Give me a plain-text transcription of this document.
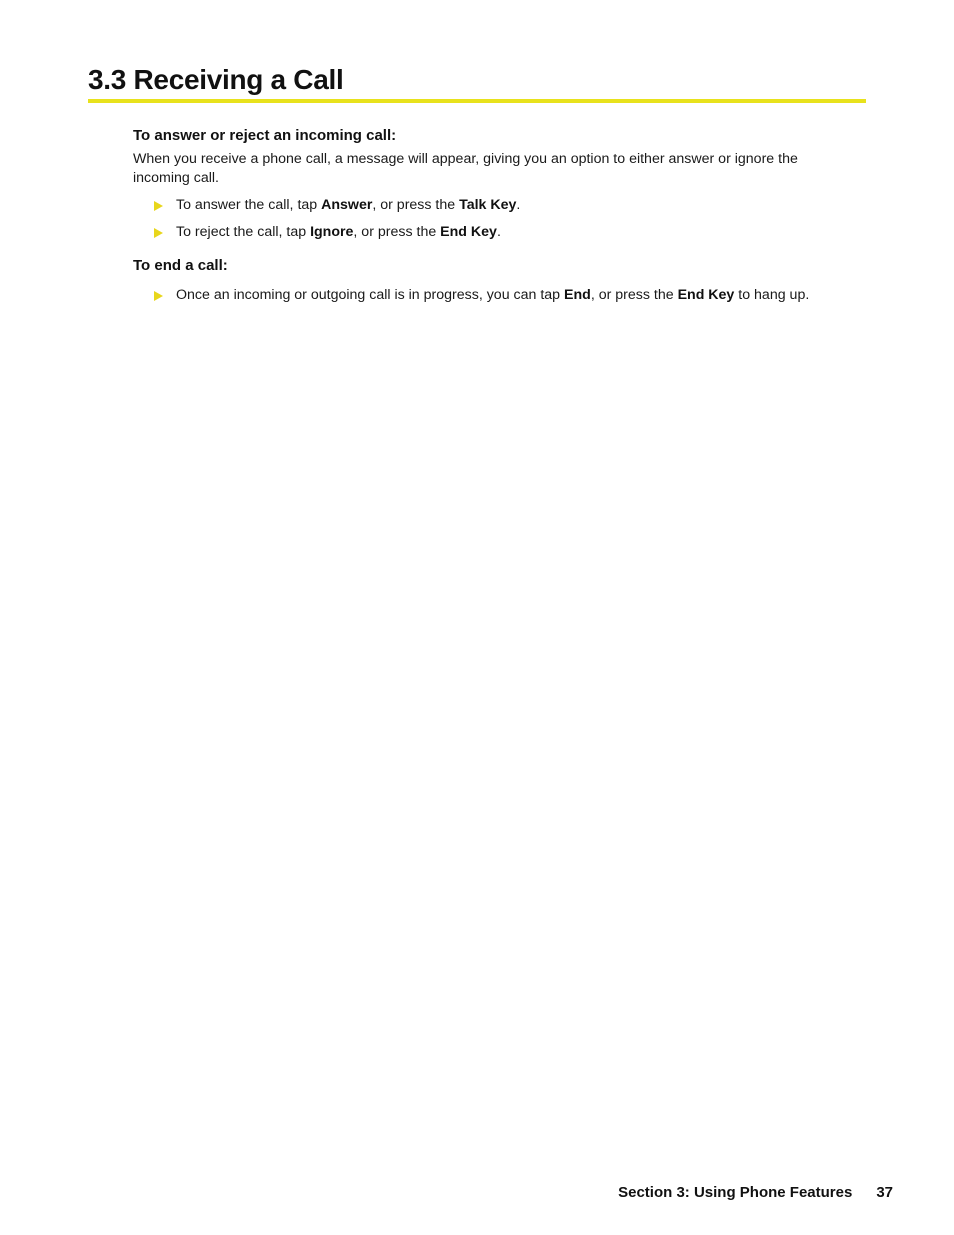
3.3 Receiving a Call
To answer or reject an incoming call:

When you receive a phone call, a message will appear, giving you an option to either answer or ignore the incoming call.

To answer the call, tap Answer, or press the Talk Key.
To reject the call, tap Ignore, or press the End Key.
To end a call:
Once an incoming or outgoing call is in progress, you can tap End, or press the End Key to hang up.
Section 3: Using Phone Features 37
